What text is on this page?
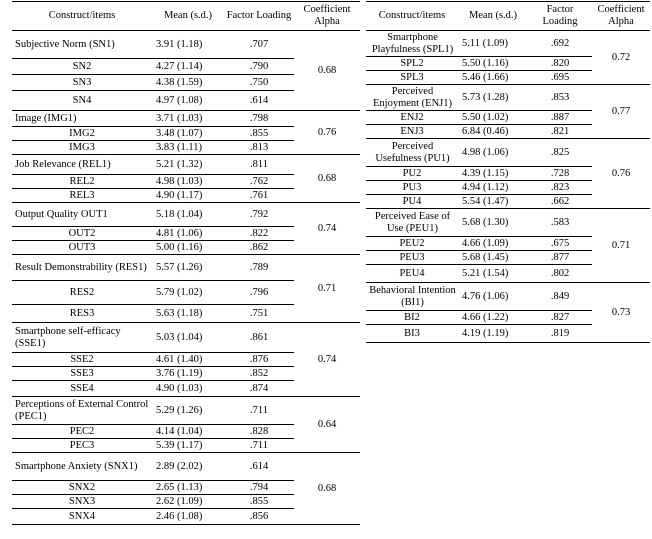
Construct/items	Mean (s.d.)	Factor Loading	Coefficient Alpha
Subjective Norm (SN1)	3.91 (1.18)	.707	0.68
SN2	4.27 (1.14)	.790	
SN3	4.38 (1.59)	.750	
SN4	4.97 (1.08)	.614	
Image (IMG1)	3.71 (1.03)	.798	0.76
IMG2	3.48 (1.07)	.855	
IMG3	3.83 (1.11)	.813	
Job Relevance (REL1)	5.21 (1.32)	.811	0.68
REL2	4.98 (1.03)	.762	
REL3	4.90 (1.17)	.761	
Output Quality OUT1	5.18 (1.04)	.792	0.74
OUT2	4.81 (1.06)	.822	
OUT3	5.00 (1.16)	.862	
Result Demonstrability (RES1)	5.57 (1.26)	.789	0.71
RES2	5.79 (1.02)	.796	
RES3	5.63 (1.18)	.751	
Smartphone self-efficacy (SSE1)	5.03 (1.04)	.861	0.74
SSE2	4.61 (1.40)	.876	
SSE3	3.76 (1.19)	.852	
SSE4	4.90 (1.03)	.874	
Perceptions of External Control (PEC1)	5.29 (1.26)	.711	0.64
PEC2	4.14 (1.04)	.828	
PEC3	5.39 (1.17)	.711	
Smartphone Anxiety (SNX1)	2.89 (2.02)	.614	0.68
SNX2	2.65 (1.13)	.794	
SNX3	2.62 (1.09)	.855	
SNX4	2.46 (1.08)	.856	
Construct/items	Mean (s.d.)	Factor Loading	Coefficient Alpha
Smartphone Playfulness (SPL1)	5.11 (1.09)	.692	0.72
SPL2	5.50 (1.16)	.820	
SPL3	5.46 (1.66)	.695	
Perceived Enjoyment (ENJ1)	5.73 (1.28)	.853	0.77
ENJ2	5.50 (1.02)	.887	
ENJ3	6.84 (0.46)	.821	
Perceived Usefulness (PU1)	4.98 (1.06)	.825	0.76
PU2	4.39 (1.15)	.728	
PU3	4.94 (1.12)	.823	
PU4	5.54 (1.47)	.662	
Perceived Ease of Use (PEU1)	5.68 (1.30)	.583	0.71
PEU2	4.66 (1.09)	.675	
PEU3	5.68 (1.45)	.877	
PEU4	5.21 (1.54)	.802	
Behavioral Intention (BI1)	4.76 (1.06)	.849	0.73
BI2	4.66 (1.22)	.827	
BI3	4.19 (1.19)	.819	
